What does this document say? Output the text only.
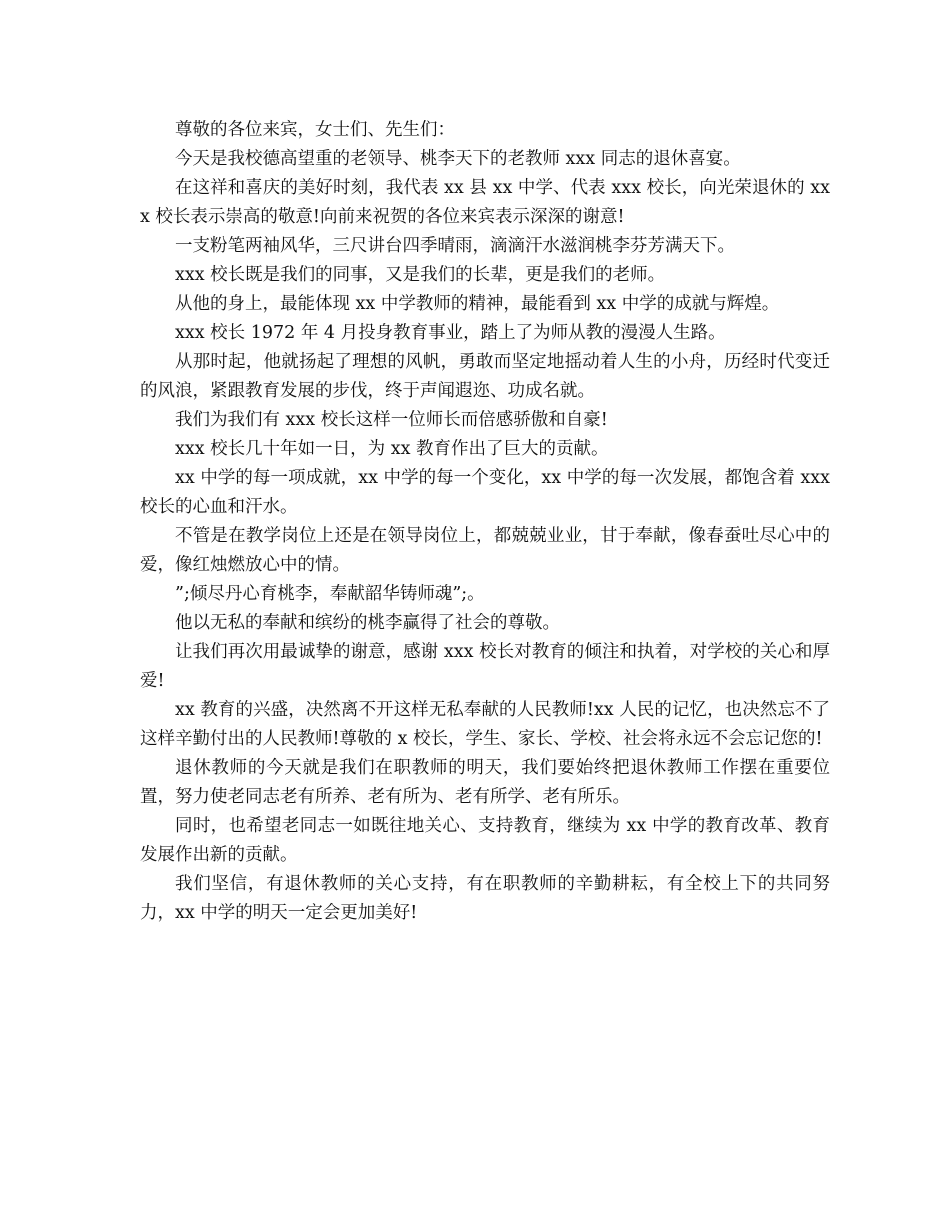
尊敬的各位来宾，女士们、先生们：

今天是我校德高望重的老领导、桃李天下的老教师 xxx 同志的退休喜宴。

在这祥和喜庆的美好时刻，我代表 xx 县 xx 中学、代表 xxx 校长，向光荣退休的 xxx 校长表示崇高的敬意!向前来祝贺的各位来宾表示深深的谢意!

一支粉笔两袖风华，三尺讲台四季晴雨，滴滴汗水滋润桃李芬芳满天下。

xxx 校长既是我们的同事，又是我们的长辈，更是我们的老师。

从他的身上，最能体现 xx 中学教师的精神，最能看到 xx 中学的成就与辉煌。

xxx 校长 1972 年 4 月投身教育事业，踏上了为师从教的漫漫人生路。

从那时起，他就扬起了理想的风帆，勇敢而坚定地摇动着人生的小舟，历经时代变迁的风浪，紧跟教育发展的步伐，终于声闻遐迩、功成名就。

我们为我们有 xxx 校长这样一位师长而倍感骄傲和自豪!

xxx 校长几十年如一日，为 xx 教育作出了巨大的贡献。

xx 中学的每一项成就，xx 中学的每一个变化，xx 中学的每一次发展，都饱含着 xxx 校长的心血和汗水。

不管是在教学岗位上还是在领导岗位上，都兢兢业业，甘于奉献，像春蚕吐尽心中的爱，像红烛燃放心中的情。

”;倾尽丹心育桃李，奉献韶华铸师魂”;。

他以无私的奉献和缤纷的桃李赢得了社会的尊敬。

让我们再次用最诚挚的谢意，感谢 xxx 校长对教育的倾注和执着，对学校的关心和厚爱!

xx 教育的兴盛，决然离不开这样无私奉献的人民教师!xx 人民的记忆，也决然忘不了这样辛勤付出的人民教师!尊敬的 x 校长，学生、家长、学校、社会将永远不会忘记您的!

退休教师的今天就是我们在职教师的明天，我们要始终把退休教师工作摆在重要位置，努力使老同志老有所养、老有所为、老有所学、老有所乐。

同时，也希望老同志一如既往地关心、支持教育，继续为 xx 中学的教育改革、教育发展作出新的贡献。

我们坚信，有退休教师的关心支持，有在职教师的辛勤耕耘，有全校上下的共同努力，xx 中学的明天一定会更加美好!
